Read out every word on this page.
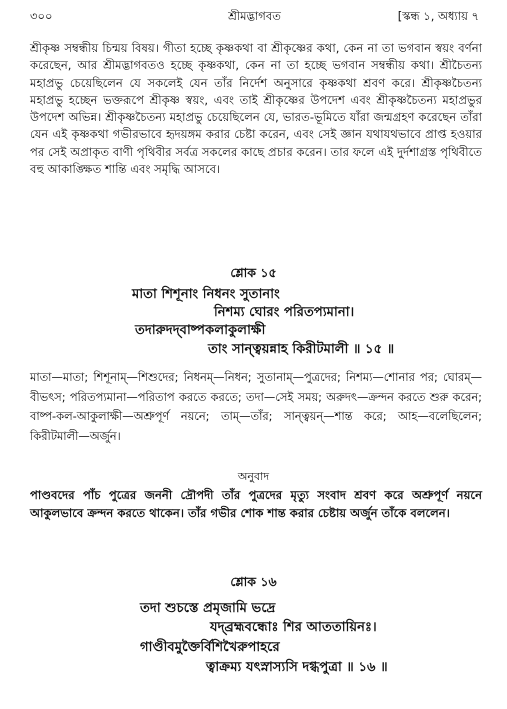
৩০০	শ্রীমদ্ভাগবত	[স্কন্ধ ১, অধ্যায় ৭

শ্রীকৃষ্ণ সম্বন্ধীয় চিন্ময় বিষয়। গীতা হচ্ছে কৃষ্ণকথা বা শ্রীকৃষ্ণের কথা, কেন না তা ভগবান স্বয়ং বর্ণনা করেছেন, আর শ্রীমদ্ভাগবতও হচ্ছে কৃষ্ণকথা, কেন না তা হচ্ছে ভগবান সম্বন্ধীয় কথা। শ্রীচৈতন্য মহাপ্রভু চেয়েছিলেন যে সকলেই যেন তাঁর নির্দেশ অনুসারে কৃষ্ণকথা শ্রবণ করে। শ্রীকৃষ্ণচৈতন্য মহাপ্রভু হচ্ছেন ভক্তরূপে শ্রীকৃষ্ণ স্বয়ং, এবং তাই শ্রীকৃষ্ণের উপদেশ এবং শ্রীকৃষ্ণচৈতন্য মহাপ্রভুর উপদেশ অভিন্ন। শ্রীকৃষ্ণচৈতন্য মহাপ্রভু চেয়েছিলেন যে, ভারত-ভূমিতে যাঁরা জন্মগ্রহণ করেছেন তাঁরা যেন এই কৃষ্ণকথা গভীরভাবে হৃদয়ঙ্গম করার চেষ্টা করেন, এবং সেই জ্ঞান যথাযথভাবে প্রাপ্ত হওয়ার পর সেই অপ্রাকৃত বাণী পৃথিবীর সর্বত্র সকলের কাছে প্রচার করেন। তার ফলে এই দুর্দশাগ্রস্ত পৃথিবীতে বহু আকাঙ্ক্ষিত শান্তি এবং সমৃদ্ধি আসবে।

শ্লোক ১৫
মাতা শিশূনাং নিধনং সুতানাং
নিশম্য ঘোরং পরিতপ্যমানা।
তদারুদদ্‌বাষ্পকলাকুলাক্ষী
তাং সান্ত্বয়ন্নাহ কিরীটমালী ॥ ১৫ ॥

মাতা—মাতা; শিশূনাম্—শিশুদের; নিধনম্—নিধন; সুতানাম্—পুত্রদের; নিশম্য—শোনার পর; ঘোরম্—বীভৎস; পরিতপ্যমানা—পরিতাপ করতে করতে; তদা—সেই সময়; অরুদৎ—ক্রন্দন করতে শুরু করেন; বাষ্প-কল-আকুলাক্ষী—অশ্রুপূর্ণ নয়নে; তাম্—তাঁর; সান্ত্বয়ন্—শান্ত করে; আহ—বলেছিলেন; কিরীটমালী—অর্জুন।

অনুবাদ

পাণ্ডবদের পাঁচ পুত্রের জননী দ্রৌপদী তাঁর পুত্রদের মৃত্যু সংবাদ শ্রবণ করে অশ্রুপূর্ণ নয়নে আকুলভাবে ক্রন্দন করতে থাকেন। তাঁর গভীর শোক শান্ত করার চেষ্টায় অর্জুন তাঁকে বললেন।

শ্লোক ১৬
তদা শুচস্তে প্রমৃজামি ভদ্রে
যদ্‌ব্রহ্মবন্ধোঃ শির আততায়িনঃ।
গাণ্ডীবমুক্তৈর্বিশিখৈরুপাহরে
ত্বাক্রম্য যৎস্নাস্যসি দগ্ধপুত্রা ॥ ১৬ ॥
